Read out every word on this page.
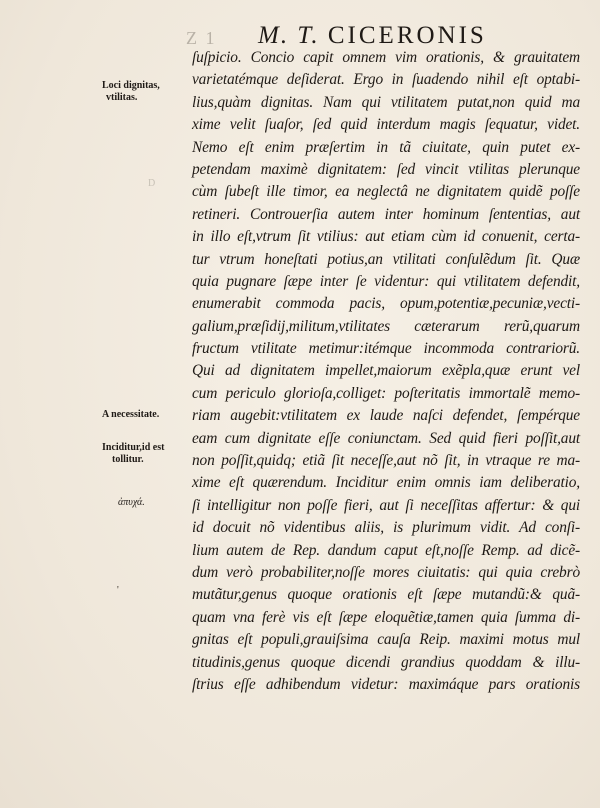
Z 1 M. T. CICERONIS
D
Loci dignitas,
vtilitas.
A necessitate.
Inciditur,id est
tollitur.
ἀπυχά.
'
ſuſpicio. Concio capit omnem vim orationis, & grauitatem
varietatémque deſiderat. Ergo in ſuadendo nihil eſt optabi-
lius,quàm dignitas. Nam qui vtilitatem putat,non quid ma
xime velit ſuaſor, ſed quid interdum magis ſequatur, videt.
Nemo eſt enim præſertim in tã ciuitate, quin putet ex-
petendam maximè dignitatem: ſed vincit vtilitas plerunque
cùm ſubeſt ille timor, ea neglectâ ne dignitatem quidẽ poſſe
retineri. Controuerſia autem inter hominum ſententias, aut
in illo eſt,vtrum ſit vtilius: aut etiam cùm id conuenit, certa-
tur vtrum honeſtati potius,an vtilitati conſulẽdum ſit. Quæ
quia pugnare ſæpe inter ſe videntur: qui vtilitatem defendit,
enumerabit commoda pacis, opum,potentiæ,pecuniæ,vecti-
galium,præſidij,militum,vtilitates cæterarum rerũ,quarum
fructum vtilitate metimur:itémque incommoda contrariorũ.
Qui ad dignitatem impellet,maiorum exẽpla,quæ erunt vel
cum periculo glorioſa,colliget: poſteritatis immortalẽ memo-
riam augebit:vtilitatem ex laude naſci defendet, ſempérque
eam cum dignitate eſſe coniunctam. Sed quid fieri poſſit,aut
non poſſit,quidq; etiã ſit neceſſe,aut nõ ſit, in vtraque re ma-
xime eſt quærendum. Inciditur enim omnis iam deliberatio,
ſi intelligitur non poſſe fieri, aut ſi neceſſitas affertur: & qui
id docuit nõ videntibus aliis, is plurimum vidit. Ad conſi-
lium autem de Rep. dandum caput eſt,noſſe Remp. ad dicẽ-
dum verò probabiliter,noſſe mores ciuitatis: qui quia crebrò
mutãtur,genus quoque orationis eſt ſæpe mutandũ:& quã-
quam vna ferè vis eſt ſæpe eloquẽtiæ,tamen quia ſumma di-
gnitas eſt populi,grauiſsima cauſa Reip. maximi motus mul
titudinis,genus quoque dicendi grandius quoddam & illu-
ſtrius eſſe adhibendum videtur: maximáque pars orationis
